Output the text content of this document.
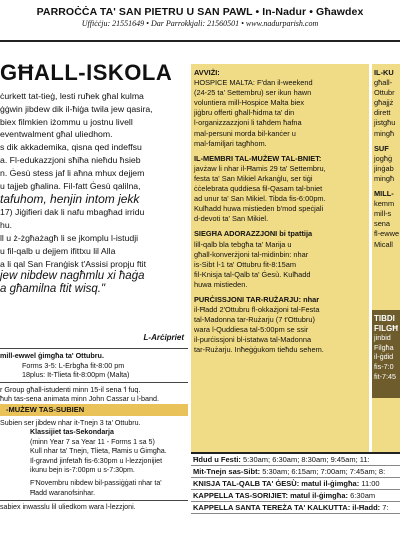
PARROĊĊA TA' SAN PIETRU U SAN PAWL • In-Nadur • Għawdex
Uffiċċju: 21551649 • Dar Parrokkjali: 21560501 • www.nadurparish.com
GĦALL-ISKOLA

ċurkett tat-tieġ, lesti ruħek għal kulma

ġġwin jibdew dik il-ħiġa twila jew qasira,

biex filmkien iżommu u jostnu livell

eventwalment għal uliedhom.

s dik akkademika, qisna qed indeffsu

a. Fl-edukazzjoni sħiħa nieħdu ħsieb

n. Ġesù stess jaf li aħna mhux dejjem

u tajjeb għalina. Fil-fatt Ġesù qalilna,

tafuhom, henjin intom jekk

17) Jiġifieri dak li nafu mbagħad irridu

hu.

ll u ż-żgħażagħ li se jkomplu l-istudji

u fil-qalb u dejjem ifittxu lil Alla

a li qal San Franġisk t'Assisi propju ftit

jew nibdew nagħmlu xi ħaġa

a għamilna ftit wisq."

L-Arċipriet

mill-ewwel ġimgħa ta' Ottubru.

Forms 3-5: L-Erbgħa fit-8:00 pm

18plus: It-Tlieta fit-8:00pm (Malta)

r Group għall-istudenti minn 15-il sena 'l fuq.

ħuh tas-sena animata minn John Cassar u l-band.

-MUŻEW TAS-SUBIEN

Subien ser jibdew nhar it-Tnejn 3 ta' Ottubru.

Klassijiet tas-Sekondarja

(minn Year 7 sa Year 11 - Forms 1 sa 5)

Kull nhar ta' Tnejn, Tlieta, Ħamis u Ġimgħa.

Il-gravnd jinfetaħ fis-6:30pm u l-lezzjonijiet

ikunu bejn is-7:00pm u s-7:30pm.

F'Novembru nibdew bil-passiġġati nhar ta'

Ħadd waranofsinhar.

sabiex inwasslu lil uliedkom wara l-lezzjoni.

AVVIŻI:

HOSPICE MALTA: F'dan il-weekend

(24-25 ta' Settembru) ser ikun hawn

voluntiera mill-Hospice Malta biex

jiġbru offerti għall-ħidma ta' din

l-organizzazzjoni li taħdem ħafna

mal-persuni morda bil-kanċer u

mal-familjari tagħhom.

IL-MEMBRI TAL-MUŻEW TAL-BNIET:

javżaw li nhar il-Ħamis 29 ta' Settembru,

festa ta' San Mikiel Arkanġlu, ser tiġi

ċċelebrata quddiesa fil-Qasam tal-bniet

ad unur ta' San Mikiel. Tibda fis-6:00pm.

Kulħadd huwa mistieden b'mod speċjali

d-devoti ta' San Mikiel.

SIEGĦA ADORAZZJONI bi tpattija

lill-qalb bla tebgħa ta' Marija u

għall-konverżjoni tal-midinbin: nhar

is-Sibt l-1 ta' Ottubru fit-8:15am

fil-Knisja tal-Qalb ta' Ġesù. Kulħadd

huwa mistieden.

PURĊISSJONI TAR-RUŻARJU: nhar

il-Ħadd 2'Ottubru fl-okkażjoni tal-Festa

tal-Madonna tar-Rużarju (7 t'Ottubru)

wara l-Quddiesa tal-5:00pm se ssir

il-purċissjoni bl-istatwa tal-Madonna

tar-Rużarju. Inħeġġukom tieħdu sehem.

IL-KU

għall-

Ottubr

għajjż

dirett

jistgħu

mingħ

SUF

jogħġ

jinġab

mingħ

MILL-

kemm

mill-s

sena

fl-ewwe

Micall

TIBDI

FILGĦ

jinbid

Filgħa

il-ġdid

fis-7:0

fit-7:45

Ħdud u Festi: 5:30am; 6:30am; 8:30am; 9:45am; 11:

Mit-Tnejn sas-Sibt: 5:30am; 6:15am; 7:00am; 7:45am; 8:

KNISJA TAL-QALB TA' ĠESÙ: matul il-ġimgħa: 11:00

KAPPELLA TAS-SORIJIET: matul il-ġimgħa: 6:30am

KAPPELLA SANTA TEREŻA TA' KALKUTTA: il-Ħadd: 7:
